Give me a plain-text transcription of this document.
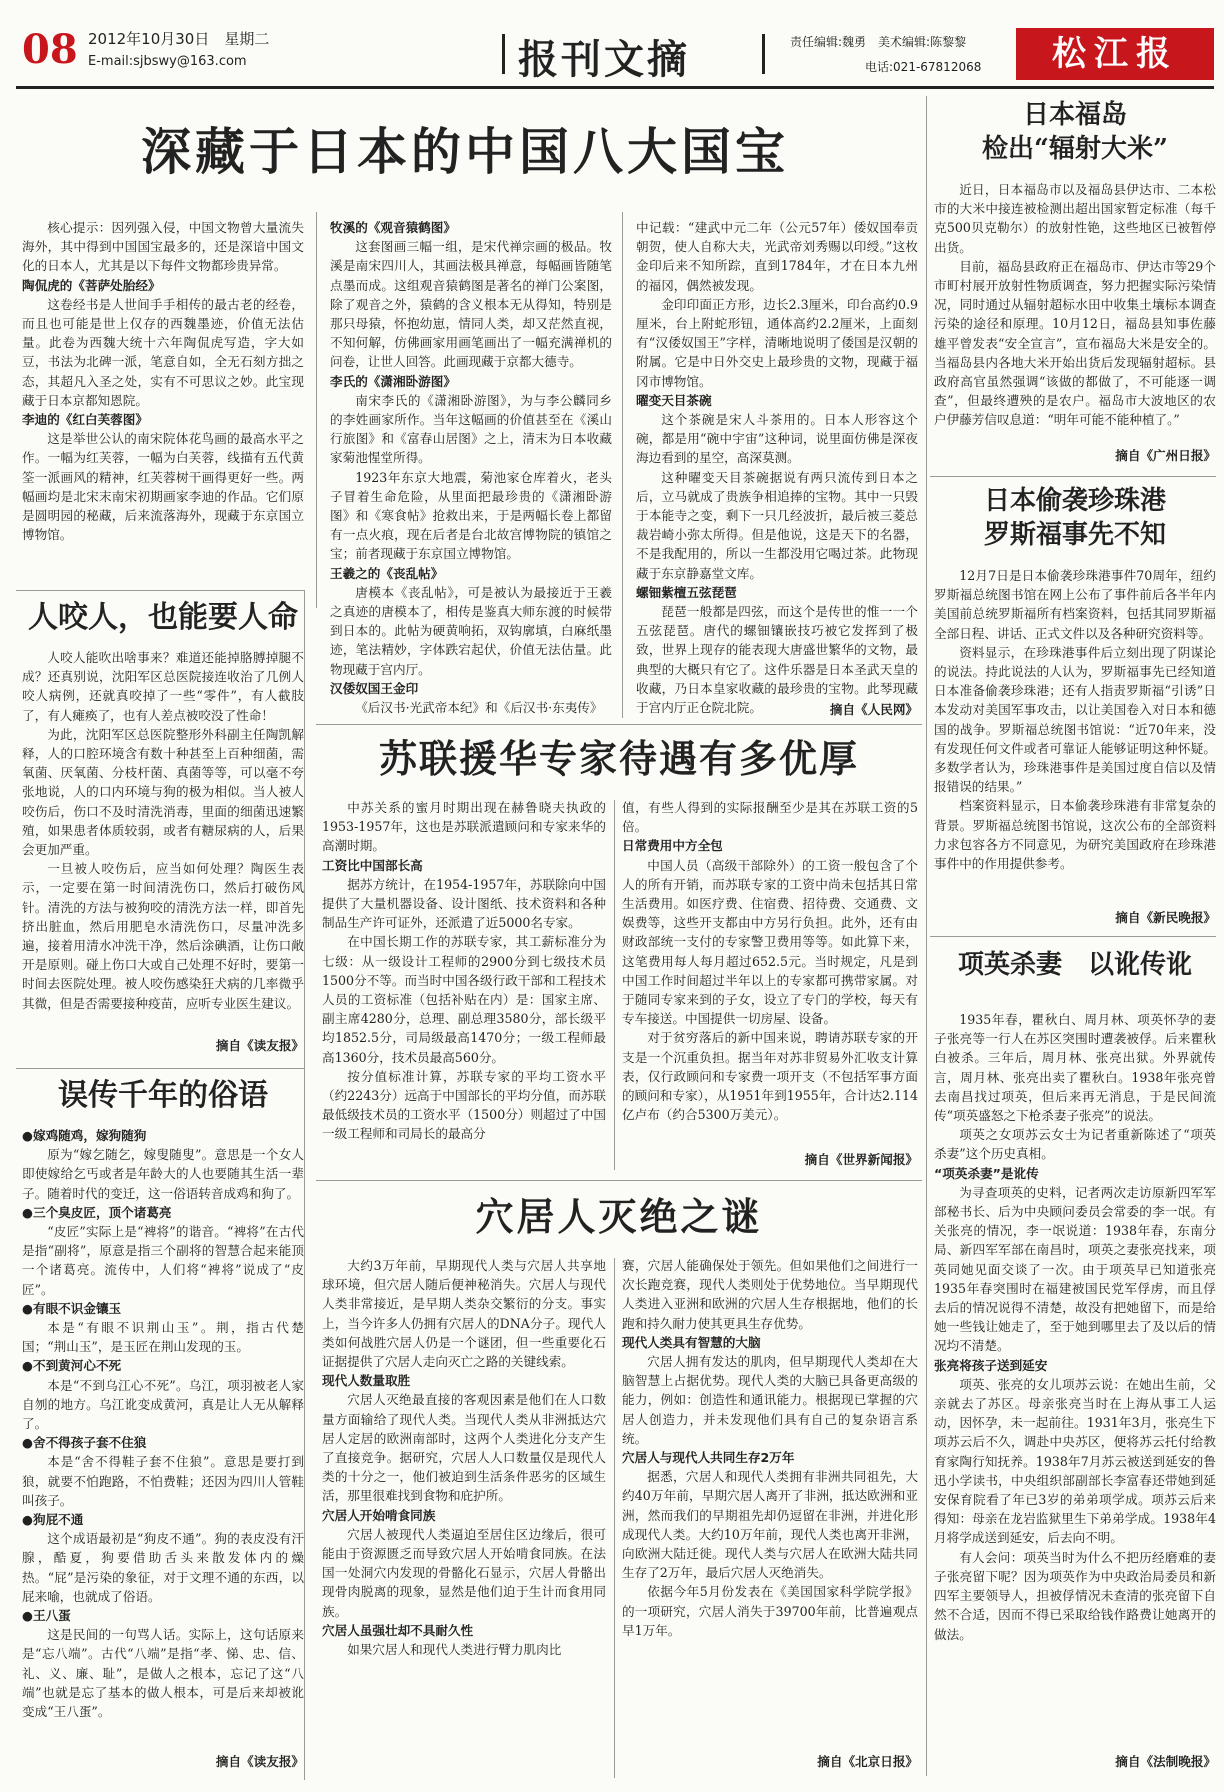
08 2012年10月30日　星期二
E-mail:sjbswy@163.com	报刊文摘	责任编辑:魏勇　美术编辑:陈黎黎
电话:021-67812068	松江报
深藏于日本的中国八大国宝

核心提示：因列强入侵，中国文物曾大量流失海外，其中得到中国国宝最多的，还是深谙中国文化的日本人，尤其是以下每件文物都珍贵异常。

陶侃虎的《菩萨处胎经》

这卷经书是人世间手手相传的最古老的经卷，而且也可能是世上仅存的西魏墨迹，价值无法估量。此卷为西魏大统十六年陶侃虎写造，字大如豆，书法为北碑一派，笔意自如，全无石刻方拙之态，其超凡入圣之处，实有不可思议之妙。此宝现藏于日本京都知恩院。

李迪的《红白芙蓉图》

这是举世公认的南宋院体花鸟画的最高水平之作。一幅为红芙蓉，一幅为白芙蓉，线描有五代黄筌一派画风的精神，红芙蓉树干画得更好一些。两幅画均是北宋末南宋初期画家李迪的作品。它们原是圆明园的秘藏，后来流落海外，现藏于东京国立博物馆。

牧溪的《观音猿鹤图》

这套图画三幅一组，是宋代禅宗画的极品。牧溪是南宋四川人，其画法极具禅意，每幅画皆随笔点墨而成。这组观音猿鹤图是著名的禅门公案图，除了观音之外，猿鹤的含义根本无从得知，特别是那只母猿，怀抱幼崽，情同人类，却又茫然直视，不知何解，仿佛画家用画笔画出了一幅充满禅机的问卷，让世人回答。此画现藏于京都大德寺。

李氏的《潇湘卧游图》

南宋李氏的《潇湘卧游图》，为与李公麟同乡的李姓画家所作。当年这幅画的价值甚至在《溪山行旅图》和《富春山居图》之上，清末为日本收藏家菊池惺堂所得。

1923年东京大地震，菊池家仓库着火，老头子冒着生命危险，从里面把最珍贵的《潇湘卧游图》和《寒食帖》抢救出来，于是两幅长卷上都留有一点火痕，现在后者是台北故宫博物院的镇馆之宝；前者现藏于东京国立博物馆。

王羲之的《丧乱帖》

唐模本《丧乱帖》，可是被认为最接近于王羲之真迹的唐模本了，相传是鉴真大师东渡的时候带到日本的。此帖为硬黄响拓，双钩廓填，白麻纸墨迹，笔法精妙，字体跌宕起伏，价值无法估量。此物现藏于宫内厅。

汉倭奴国王金印

《后汉书·光武帝本纪》和《后汉书·东夷传》

中记载：“建武中元二年（公元57年）倭奴国奉贡朝贺，使人自称大夫，光武帝刘秀赐以印绶。”这枚金印后来不知所踪，直到1784年，才在日本九州的福冈，偶然被发现。

金印印面正方形，边长2.3厘米，印台高约0.9厘米，台上附蛇形钮，通体高约2.2厘米，上面刻有“汉倭奴国王”字样，清晰地说明了倭国是汉朝的附属。它是中日外交史上最珍贵的文物，现藏于福冈市博物馆。

曜变天目茶碗

这个茶碗是宋人斗茶用的。日本人形容这个碗，都是用“碗中宇宙”这种词，说里面仿佛是深夜海边看到的星空，高深莫测。

这种曜变天目茶碗据说有两只流传到日本之后，立马就成了贵族争相追捧的宝物。其中一只毁于本能寺之变，剩下一只几经波折，最后被三菱总裁岩崎小弥太所得。但是他说，这是天下的名器，不是我配用的，所以一生都没用它喝过茶。此物现藏于东京静嘉堂文库。

螺钿紫檀五弦琵琶

琵琶一般都是四弦，而这个是传世的惟一一个五弦琵琶。唐代的螺钿镶嵌技巧被它发挥到了极致，世界上现存的能表现大唐盛世繁华的文物，最典型的大概只有它了。这件乐器是日本圣武天皇的收藏，乃日本皇家收藏的最珍贵的宝物。此琴现藏于宫内厅正仓院北院。	摘自《人民网》
人咬人，也能要人命

人咬人能吹出啥事来？难道还能掉胳膊掉腿不成？还真别说，沈阳军区总医院接连收治了几例人咬人病例，还就真咬掉了一些“零件”，有人截肢了，有人瘫痪了，也有人差点被咬没了性命！

为此，沈阳军区总医院整形外科副主任陶凯解释，人的口腔环境含有数十种甚至上百种细菌，需氧菌、厌氧菌、分枝杆菌、真菌等等，可以毫不夸张地说，人的口内环境与狗的极为相似。当人被人咬伤后，伤口不及时清洗消毒，里面的细菌迅速繁殖，如果患者体质较弱，或者有糖尿病的人，后果会更加严重。

一旦被人咬伤后，应当如何处理？陶医生表示，一定要在第一时间清洗伤口，然后打破伤风针。清洗的方法与被狗咬的清洗方法一样，即首先挤出脏血，然后用肥皂水清洗伤口，尽量冲洗多遍，接着用清水冲洗干净，然后涂碘酒，让伤口敞开是原则。碰上伤口大或自己处理不好时，要第一时间去医院处理。被人咬伤感染狂犬病的几率微乎其微，但是否需要接种疫苗，应听专业医生建议。

摘自《读友报》
误传千年的俗语

●嫁鸡随鸡，嫁狗随狗

原为“嫁乞随乞，嫁叟随叟”。意思是一个女人即使嫁给乞丐或者是年龄大的人也要随其生活一辈子。随着时代的变迁，这一俗语转音成鸡和狗了。

●三个臭皮匠，顶个诸葛亮

“皮匠”实际上是“裨将”的谐音。“裨将”在古代是指“副将”，原意是指三个副将的智慧合起来能顶一个诸葛亮。流传中，人们将“裨将”说成了“皮匠”。

●有眼不识金镶玉

本是“有眼不识荆山玉”。荆，指古代楚国；“荆山玉”，是玉匠在荆山发现的玉。

●不到黄河心不死

本是“不到乌江心不死”。乌江，项羽被老人家自刎的地方。乌江讹变成黄河，真是让人无从解释了。

●舍不得孩子套不住狼

本是“舍不得鞋子套不住狼”。意思是要打到狼，就要不怕跑路，不怕费鞋；还因为四川人管鞋叫孩子。

●狗屁不通

这个成语最初是“狗皮不通”。狗的表皮没有汗腺，酷夏，狗要借助舌头来散发体内的燥热。“屁”是污染的象征，对于文理不通的东西，以屁来喻，也就成了俗语。

●王八蛋

这是民间的一句骂人话。实际上，这句话原来是“忘八端”。古代“八端”是指“孝、悌、忠、信、礼、义、廉、耻”，是做人之根本，忘记了这“八端”也就是忘了基本的做人根本，可是后来却被讹变成“王八蛋”。

摘自《读友报》
苏联援华专家待遇有多优厚

中苏关系的蜜月时期出现在赫鲁晓夫执政的1953-1957年，这也是苏联派遣顾问和专家来华的高潮时期。

工资比中国部长高

据苏方统计，在1954-1957年，苏联除向中国提供了大量机器设备、设计图纸、技术资料和各种制品生产许可证外，还派遣了近5000名专家。

在中国长期工作的苏联专家，其工薪标准分为七级：从一级设计工程师的2900分到七级技术员1500分不等。而当时中国各级行政干部和工程技术人员的工资标准（包括补贴在内）是：国家主席、副主席4280分，总理、副总理3580分，部长级平均1852.5分，司局级最高1470分；一级工程师最高1360分，技术员最高560分。

按分值标准计算，苏联专家的平均工资水平（约2243分）远高于中国部长的平均分值，而苏联最低级技术员的工资水平（1500分）则超过了中国一级工程师和司局长的最高分

值，有些人得到的实际报酬至少是其在苏联工资的5倍。

日常费用中方全包

中国人员（高级干部除外）的工资一般包含了个人的所有开销，而苏联专家的工资中尚未包括其日常生活费用。如医疗费、住宿费、招待费、交通费、文娱费等，这些开支都由中方另行负担。此外，还有由财政部统一支付的专家警卫费用等等。如此算下来，这笔费用每人每月超过652.5元。当时规定，凡是到中国工作时间超过半年以上的专家都可携带家属。对于随同专家来到的子女，设立了专门的学校，每天有专车接送。中国提供一切房屋、设备。

对于贫穷落后的新中国来说，聘请苏联专家的开支是一个沉重负担。据当年对苏非贸易外汇收支计算表，仅行政顾问和专家费一项开支（不包括军事方面的顾问和专家），从1951年到1955年，合计达2.114亿卢布（约合5300万美元）。

摘自《世界新闻报》
穴居人灭绝之谜

大约3万年前，早期现代人类与穴居人共享地球环境，但穴居人随后便神秘消失。穴居人与现代人类非常接近，是早期人类杂交繁衍的分支。事实上，当今许多人仍拥有穴居人的DNA分子。现代人类如何战胜穴居人仍是一个谜团，但一些重要化石证据提供了穴居人走向灭亡之路的关键线索。

现代人数量取胜

穴居人灭绝最直接的客观因素是他们在人口数量方面输给了现代人类。当现代人类从非洲抵达穴居人定居的欧洲南部时，这两个人类进化分支产生了直接竞争。据研究，穴居人人口数量仅是现代人类的十分之一，他们被迫到生活条件恶劣的区域生活，那里很难找到食物和庇护所。

穴居人开始啃食同族

穴居人被现代人类逼迫至居住区边缘后，很可能由于资源匮乏而导致穴居人开始啃食同族。在法国一处洞穴内发现的骨骼化石显示，穴居人骨骼出现骨肉脱离的现象，显然是他们迫于生计而食用同族。

穴居人虽强壮却不具耐久性

如果穴居人和现代人类进行臂力肌肉比

赛，穴居人能确保处于领先。但如果他们之间进行一次长跑竞赛，现代人类则处于优势地位。当早期现代人类进入亚洲和欧洲的穴居人生存根据地，他们的长跑和持久耐力使其更具生存优势。

现代人类具有智慧的大脑

穴居人拥有发达的肌肉，但早期现代人类却在大脑智慧上占据优势。现代人类的大脑已具备更高级的能力，例如：创造性和通讯能力。根据现已掌握的穴居人创造力，并未发现他们具有自己的复杂语言系统。

穴居人与现代人共同生存2万年

据悉，穴居人和现代人类拥有非洲共同祖先，大约40万年前，早期穴居人离开了非洲，抵达欧洲和亚洲，然而我们的早期祖先却仍逗留在非洲，并进化形成现代人类。大约10万年前，现代人类也离开非洲，向欧洲大陆迁徙。现代人类与穴居人在欧洲大陆共同生存了2万年，最后穴居人灭绝消失。

依据今年5月份发表在《美国国家科学院学报》的一项研究，穴居人消失于39700年前，比普遍观点早1万年。

摘自《北京日报》
日本福岛
检出“辐射大米”

近日，日本福岛市以及福岛县伊达市、二本松市的大米中接连被检测出超出国家暂定标准（每千克500贝克勒尔）的放射性铯，这些地区已被暂停出货。

目前，福岛县政府正在福岛市、伊达市等29个市町村展开放射性物质调查，努力把握实际污染情况，同时通过从辐射超标水田中收集土壤标本调查污染的途径和原理。10月12日，福岛县知事佐藤雄平曾发表“安全宣言”，宣布福岛大米是安全的。当福岛县内各地大米开始出货后发现辐射超标。县政府高官虽然强调“该做的都做了，不可能逐一调查”，但最终遭殃的是农户。福岛市大波地区的农户伊藤芳信叹息道：“明年可能不能种植了。”

摘自《广州日报》
日本偷袭珍珠港
罗斯福事先不知

12月7日是日本偷袭珍珠港事件70周年，纽约罗斯福总统图书馆在网上公布了事件前后各半年内美国前总统罗斯福所有档案资料，包括其同罗斯福全部日程、讲话、正式文件以及各种研究资料等。

资料显示，在珍珠港事件后立刻出现了阴谋论的说法。持此说法的人认为，罗斯福事先已经知道日本准备偷袭珍珠港；还有人指责罗斯福“引诱”日本发动对美国军事攻击，以让美国卷入对日本和德国的战争。罗斯福总统图书馆说：“近70年来，没有发现任何文件或者可靠证人能够证明这种怀疑。多数学者认为，珍珠港事件是美国过度自信以及情报错误的结果。”

档案资料显示，日本偷袭珍珠港有非常复杂的背景。罗斯福总统图书馆说，这次公布的全部资料力求包容各方不同意见，为研究美国政府在珍珠港事件中的作用提供参考。

摘自《新民晚报》
项英杀妻　以讹传讹

1935年春，瞿秋白、周月林、项英怀孕的妻子张亮等一行人在苏区突围时遭袭被俘。后来瞿秋白被杀。三年后，周月林、张亮出狱。外界就传言，周月林、张亮出卖了瞿秋白。1938年张亮曾去南昌找过项英，但后来再无消息，于是民间流传“项英盛怒之下枪杀妻子张亮”的说法。

项英之女项苏云女士为记者重新陈述了“项英杀妻”这个历史真相。

“项英杀妻”是讹传

为寻查项英的史料，记者两次走访原新四军军部秘书长、后为中央顾问委员会常委的李一氓。有关张亮的情况，李一氓说道：1938年春，东南分局、新四军军部在南昌时，项英之妻张亮找来，项英同她见面交谈了一次。由于项英早已知道张亮1935年春突围时在福建被国民党军俘虏，而且俘去后的情况说得不清楚，故没有把她留下，而是给她一些钱让她走了，至于她到哪里去了及以后的情况均不清楚。

张亮将孩子送到延安

项英、张亮的女儿项苏云说：在她出生前，父亲就去了苏区。母亲张亮当时在上海从事工人运动，因怀孕，未一起前往。1931年3月，张亮生下项苏云后不久，调赴中央苏区，便将苏云托付给教育家陶行知抚养。1938年7月苏云被送到延安的鲁迅小学读书，中央组织部副部长李富春还带她到延安保育院看了年已3岁的弟弟项学成。项苏云后来得知：母亲在龙岩监狱里生下弟弟学成。1938年4月将学成送到延安，后去向不明。

有人会问：项英当时为什么不把历经磨难的妻子张亮留下呢？因为项英作为中央政治局委员和新四军主要领导人，担被俘情况未查清的张亮留下自然不合适，因而不得已采取给钱作路费让她离开的做法。

摘自《法制晚报》
